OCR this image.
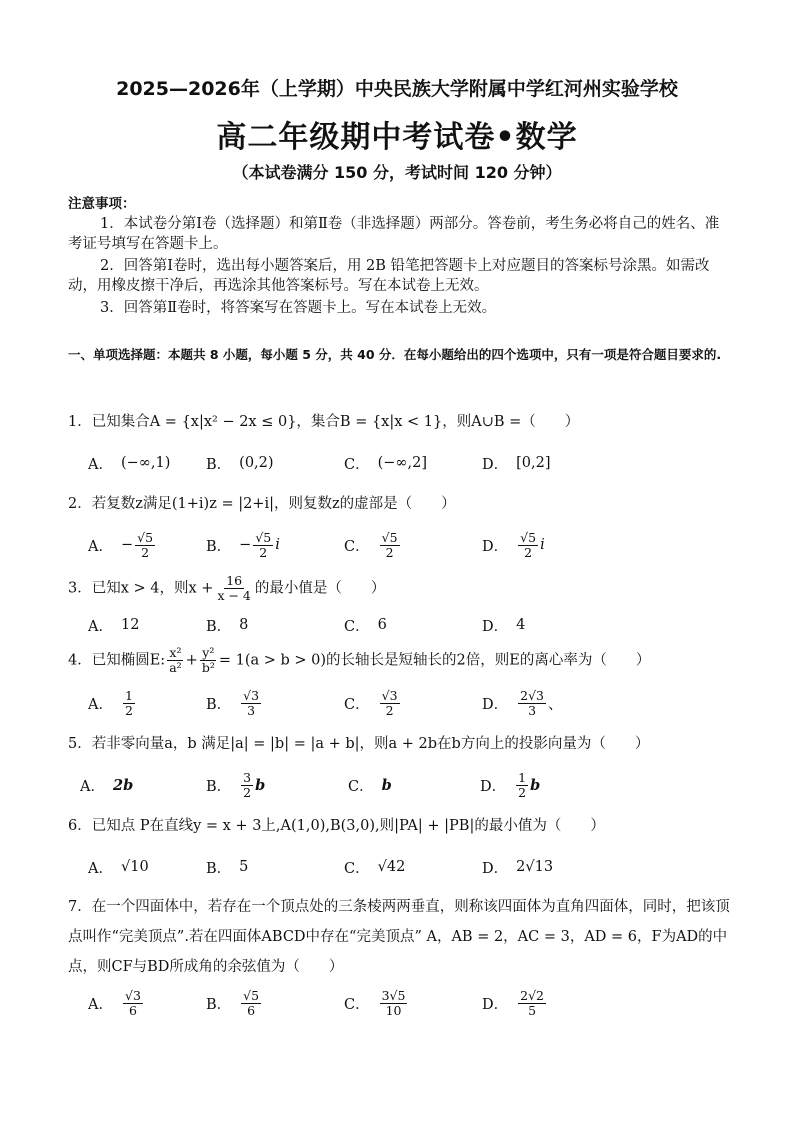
2025—2026年（上学期）中央民族大学附属中学红河州实验学校
高二年级期中考试卷•数学
（本试卷满分 150 分，考试时间 120 分钟）
注意事项：
1．本试卷分第Ⅰ卷（选择题）和第Ⅱ卷（非选择题）两部分。答卷前，考生务必将自己的姓名、准考证号填写在答题卡上。
2．回答第Ⅰ卷时，选出每小题答案后，用 2B 铅笔把答题卡上对应题目的答案标号涂黑。如需改动，用橡皮擦干净后，再选涂其他答案标号。写在本试卷上无效。
3．回答第Ⅱ卷时，将答案写在答题卡上。写在本试卷上无效。
一、单项选择题：本题共 8 小题，每小题 5 分，共 40 分．在每小题给出的四个选项中，只有一项是符合题目要求的.
1．已知集合A = {x|x² − 2x ≤ 0}，集合B = {x|x < 1}，则A∪B =（　　）
A． (−∞,1) B． (0,2)	C． (−∞,2]	D． [0,2]
2．若复数z满足(1+i)z = |2+i|，则复数z的虚部是（　　）
A． − $\frac{√5}{2}$	B． − $\frac{√5}{2}$ i	C． $\frac{√5}{2}$	D． $\frac{√5}{2}$ i
3．已知x > 4，则$x + \frac{16}{x - 4}$ 的最小值是（　　）
A． 12	B． 8	C． 6	D． 4
4．已知椭圆E: $\frac{\text{x²}}{\text{a²}} + \frac{\text{y²}}{\text{b²}} = 1(a > b > 0)$的长轴长是短轴长的2倍，则E的离心率为（　　）
A． $\frac{1}{2}$	B． $\frac{√3}{3}$	C． $\frac{√3}{2}$	D． $\frac{2√3}{3}$ 、
5．若非零向量a，b 满足|a| = |b| = |a + b|，则a + 2b在b方向上的投影向量为（　　）
A． 2b	B． $\frac{3}{2}$ b	C． b	D． $\frac{1}{2}$ b
6．已知点 P在直线y = x + 3上,A(1,0),B(3,0),则|PA| + |PB|的最小值为（　　）
A． √10	B． 5	C． √42	D． 2√13
7．在一个四面体中，若存在一个顶点处的三条棱两两垂直，则称该四面体为直角四面体，同时，把该顶点叫作“完美顶点”.若在四面体ABCD中存在“完美顶点” A，AB = 2，AC = 3，AD = 6，F为AD的中点，则CF与BD所成角的余弦值为（　　）
A． $\frac{√3}{6}$	B． $\frac{√5}{6}$	C． $\frac{3√5}{10}$	D． $\frac{2√2}{5}$
